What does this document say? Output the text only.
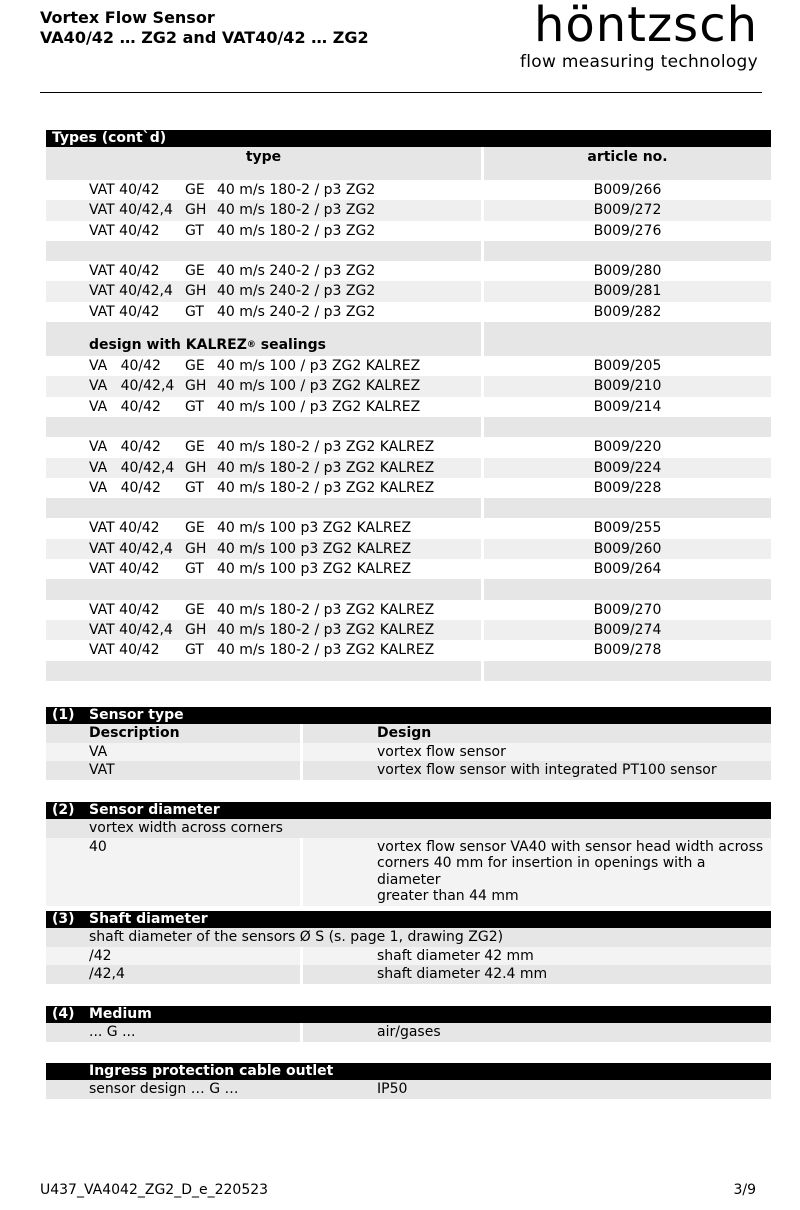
Vortex Flow Sensor
VA40/42 … ZG2 and VAT40/42 … ZG2	höntzsch
flow measuring technology
Types (cont`d)
type	article no.
VAT 40/42 GE 40 m/s 180-2 / p3 ZG2	B009/266
VAT 40/42,4 GH 40 m/s 180-2 / p3 ZG2	B009/272
VAT 40/42 GT 40 m/s 180-2 / p3 ZG2	B009/276
VAT 40/42 GE 40 m/s 240-2 / p3 ZG2	B009/280
VAT 40/42,4 GH 40 m/s 240-2 / p3 ZG2	B009/281
VAT 40/42 GT 40 m/s 240-2 / p3 ZG2	B009/282
design with KALREZ ® sealings
VA   40/42 GE 40 m/s 100 / p3 ZG2 KALREZ	B009/205
VA   40/42,4 GH 40 m/s 100 / p3 ZG2 KALREZ	B009/210
VA   40/42 GT 40 m/s 100 / p3 ZG2 KALREZ	B009/214
VA   40/42 GE 40 m/s 180-2 / p3 ZG2 KALREZ	B009/220
VA   40/42,4 GH 40 m/s 180-2 / p3 ZG2 KALREZ	B009/224
VA   40/42 GT 40 m/s 180-2 / p3 ZG2 KALREZ	B009/228
VAT 40/42 GE 40 m/s 100 p3 ZG2 KALREZ	B009/255
VAT 40/42,4 GH 40 m/s 100 p3 ZG2 KALREZ	B009/260
VAT 40/42 GT 40 m/s 100 p3 ZG2 KALREZ	B009/264
VAT 40/42 GE 40 m/s 180-2 / p3 ZG2 KALREZ	B009/270
VAT 40/42,4 GH 40 m/s 180-2 / p3 ZG2 KALREZ	B009/274
VAT 40/42 GT 40 m/s 180-2 / p3 ZG2 KALREZ	B009/278
(1) Sensor type
Description	Design
VA	vortex flow sensor
VAT	vortex flow sensor with integrated PT100 sensor
(2) Sensor diameter
vortex width across corners
40	vortex flow sensor VA40 with sensor head width across
corners 40 mm for insertion in openings with a diameter
greater than 44 mm
(3) Shaft diameter
shaft diameter of the sensors Ø S (s. page 1, drawing ZG2)
/42	shaft diameter 42 mm
/42,4	shaft diameter 42.4 mm
(4) Medium
... G ...	air/gases
Ingress protection cable outlet
sensor design … G …	IP50
U437_VA4042_ZG2_D_e_220523	3/9
